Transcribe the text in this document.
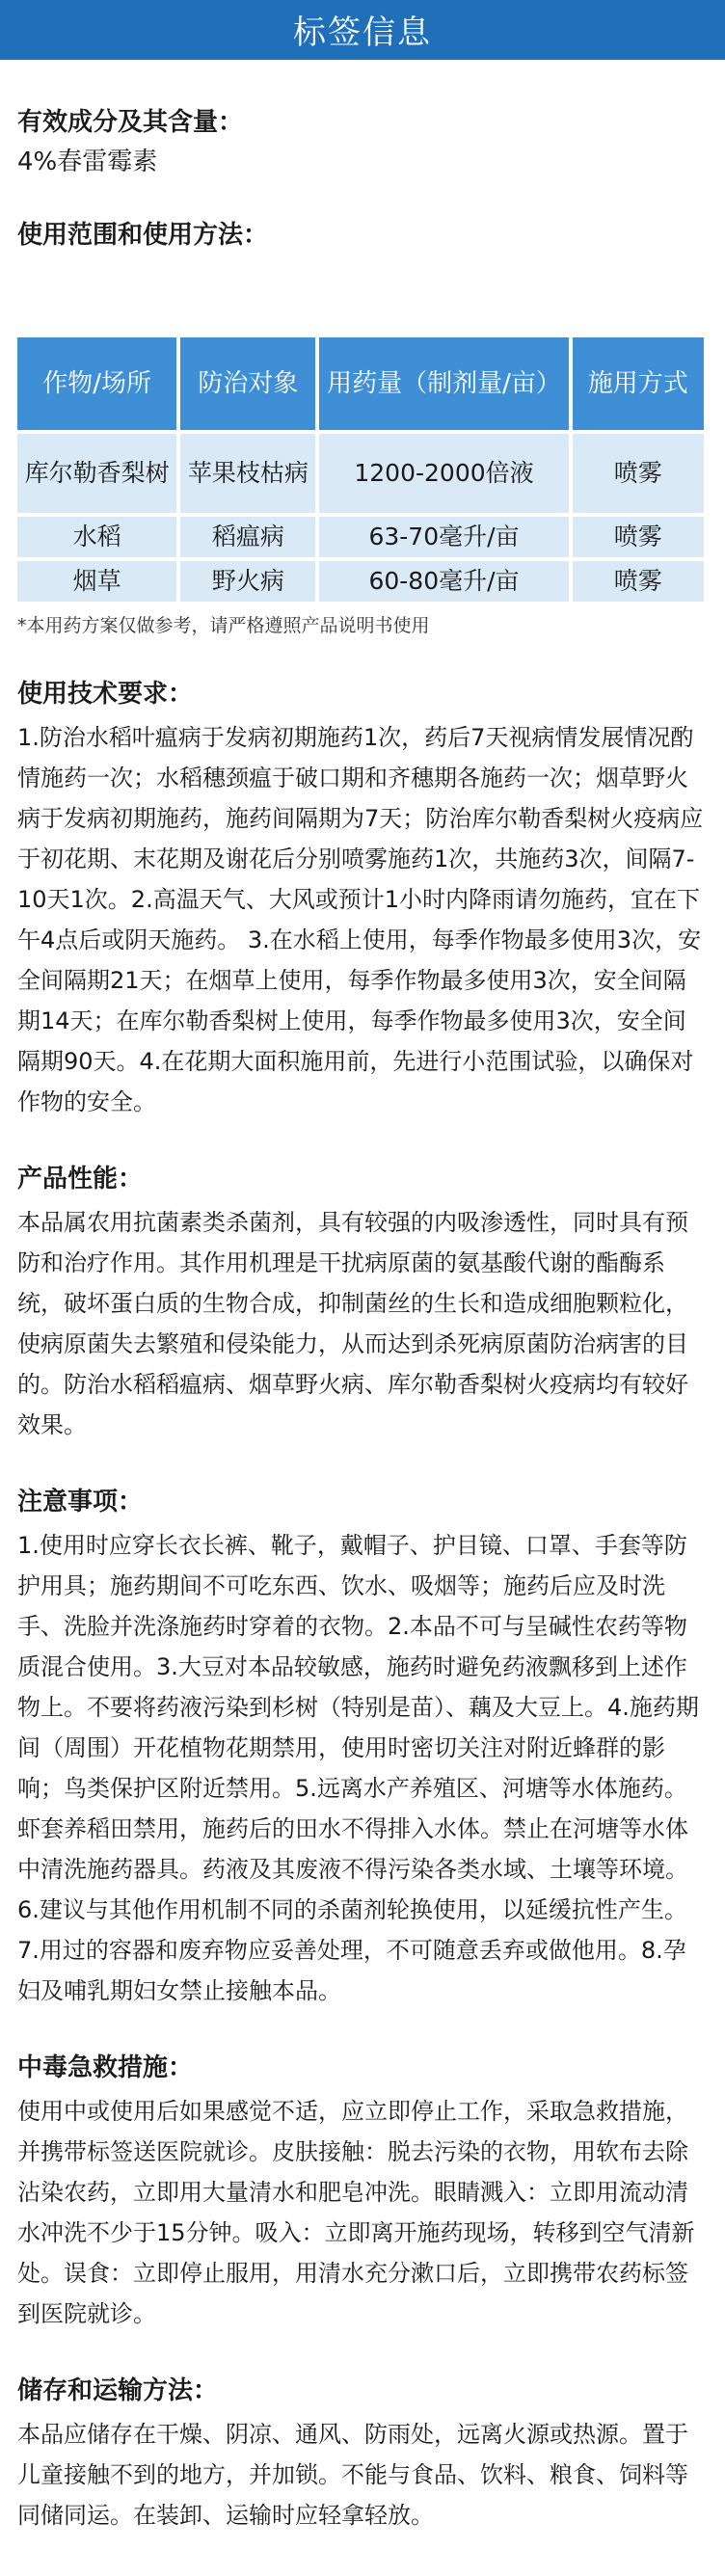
标签信息
有效成分及其含量：
4%春雷霉素
使用范围和使用方法：
作物/场所	防治对象	用药量（制剂量/亩）	施用方式
库尔勒香梨树	苹果枝枯病	1200-2000倍液	喷雾
水稻	稻瘟病	63-70毫升/亩	喷雾
烟草	野火病	60-80毫升/亩	喷雾
*本用药方案仅做参考，请严格遵照产品说明书使用
使用技术要求：
1.防治水稻叶瘟病于发病初期施药1次，药后7天视病情发展情况酌情施药一次；水稻穗颈瘟于破口期和齐穗期各施药一次；烟草野火病于发病初期施药，施药间隔期为7天；防治库尔勒香梨树火疫病应于初花期、末花期及谢花后分别喷雾施药1次，共施药3次，间隔7-10天1次。2.高温天气、大风或预计1小时内降雨请勿施药，宜在下午4点后或阴天施药。 3.在水稻上使用，每季作物最多使用3次，安全间隔期21天；在烟草上使用，每季作物最多使用3次，安全间隔期14天；在库尔勒香梨树上使用，每季作物最多使用3次，安全间隔期90天。4.在花期大面积施用前，先进行小范围试验，以确保对作物的安全。
产品性能：
本品属农用抗菌素类杀菌剂，具有较强的内吸渗透性，同时具有预防和治疗作用。其作用机理是干扰病原菌的氨基酸代谢的酯酶系统，破坏蛋白质的生物合成，抑制菌丝的生长和造成细胞颗粒化，使病原菌失去繁殖和侵染能力，从而达到杀死病原菌防治病害的目的。防治水稻稻瘟病、烟草野火病、库尔勒香梨树火疫病均有较好效果。
注意事项：
1.使用时应穿长衣长裤、靴子，戴帽子、护目镜、口罩、手套等防护用具；施药期间不可吃东西、饮水、吸烟等；施药后应及时洗手、洗脸并洗涤施药时穿着的衣物。2.本品不可与呈碱性农药等物质混合使用。3.大豆对本品较敏感，施药时避免药液飘移到上述作物上。不要将药液污染到杉树（特别是苗）、藕及大豆上。4.施药期间（周围）开花植物花期禁用，使用时密切关注对附近蜂群的影响；鸟类保护区附近禁用。5.远离水产养殖区、河塘等水体施药。虾套养稻田禁用，施药后的田水不得排入水体。禁止在河塘等水体中清洗施药器具。药液及其废液不得污染各类水域、土壤等环境。6.建议与其他作用机制不同的杀菌剂轮换使用，以延缓抗性产生。7.用过的容器和废弃物应妥善处理，不可随意丢弃或做他用。8.孕妇及哺乳期妇女禁止接触本品。
中毒急救措施：
使用中或使用后如果感觉不适，应立即停止工作，采取急救措施，并携带标签送医院就诊。皮肤接触：脱去污染的衣物，用软布去除沾染农药，立即用大量清水和肥皂冲洗。眼睛溅入：立即用流动清水冲洗不少于15分钟。吸入：立即离开施药现场，转移到空气清新处。误食：立即停止服用，用清水充分漱口后，立即携带农药标签到医院就诊。
储存和运输方法：
本品应储存在干燥、阴凉、通风、防雨处，远离火源或热源。置于儿童接触不到的地方，并加锁。不能与食品、饮料、粮食、饲料等同储同运。在装卸、运输时应轻拿轻放。
